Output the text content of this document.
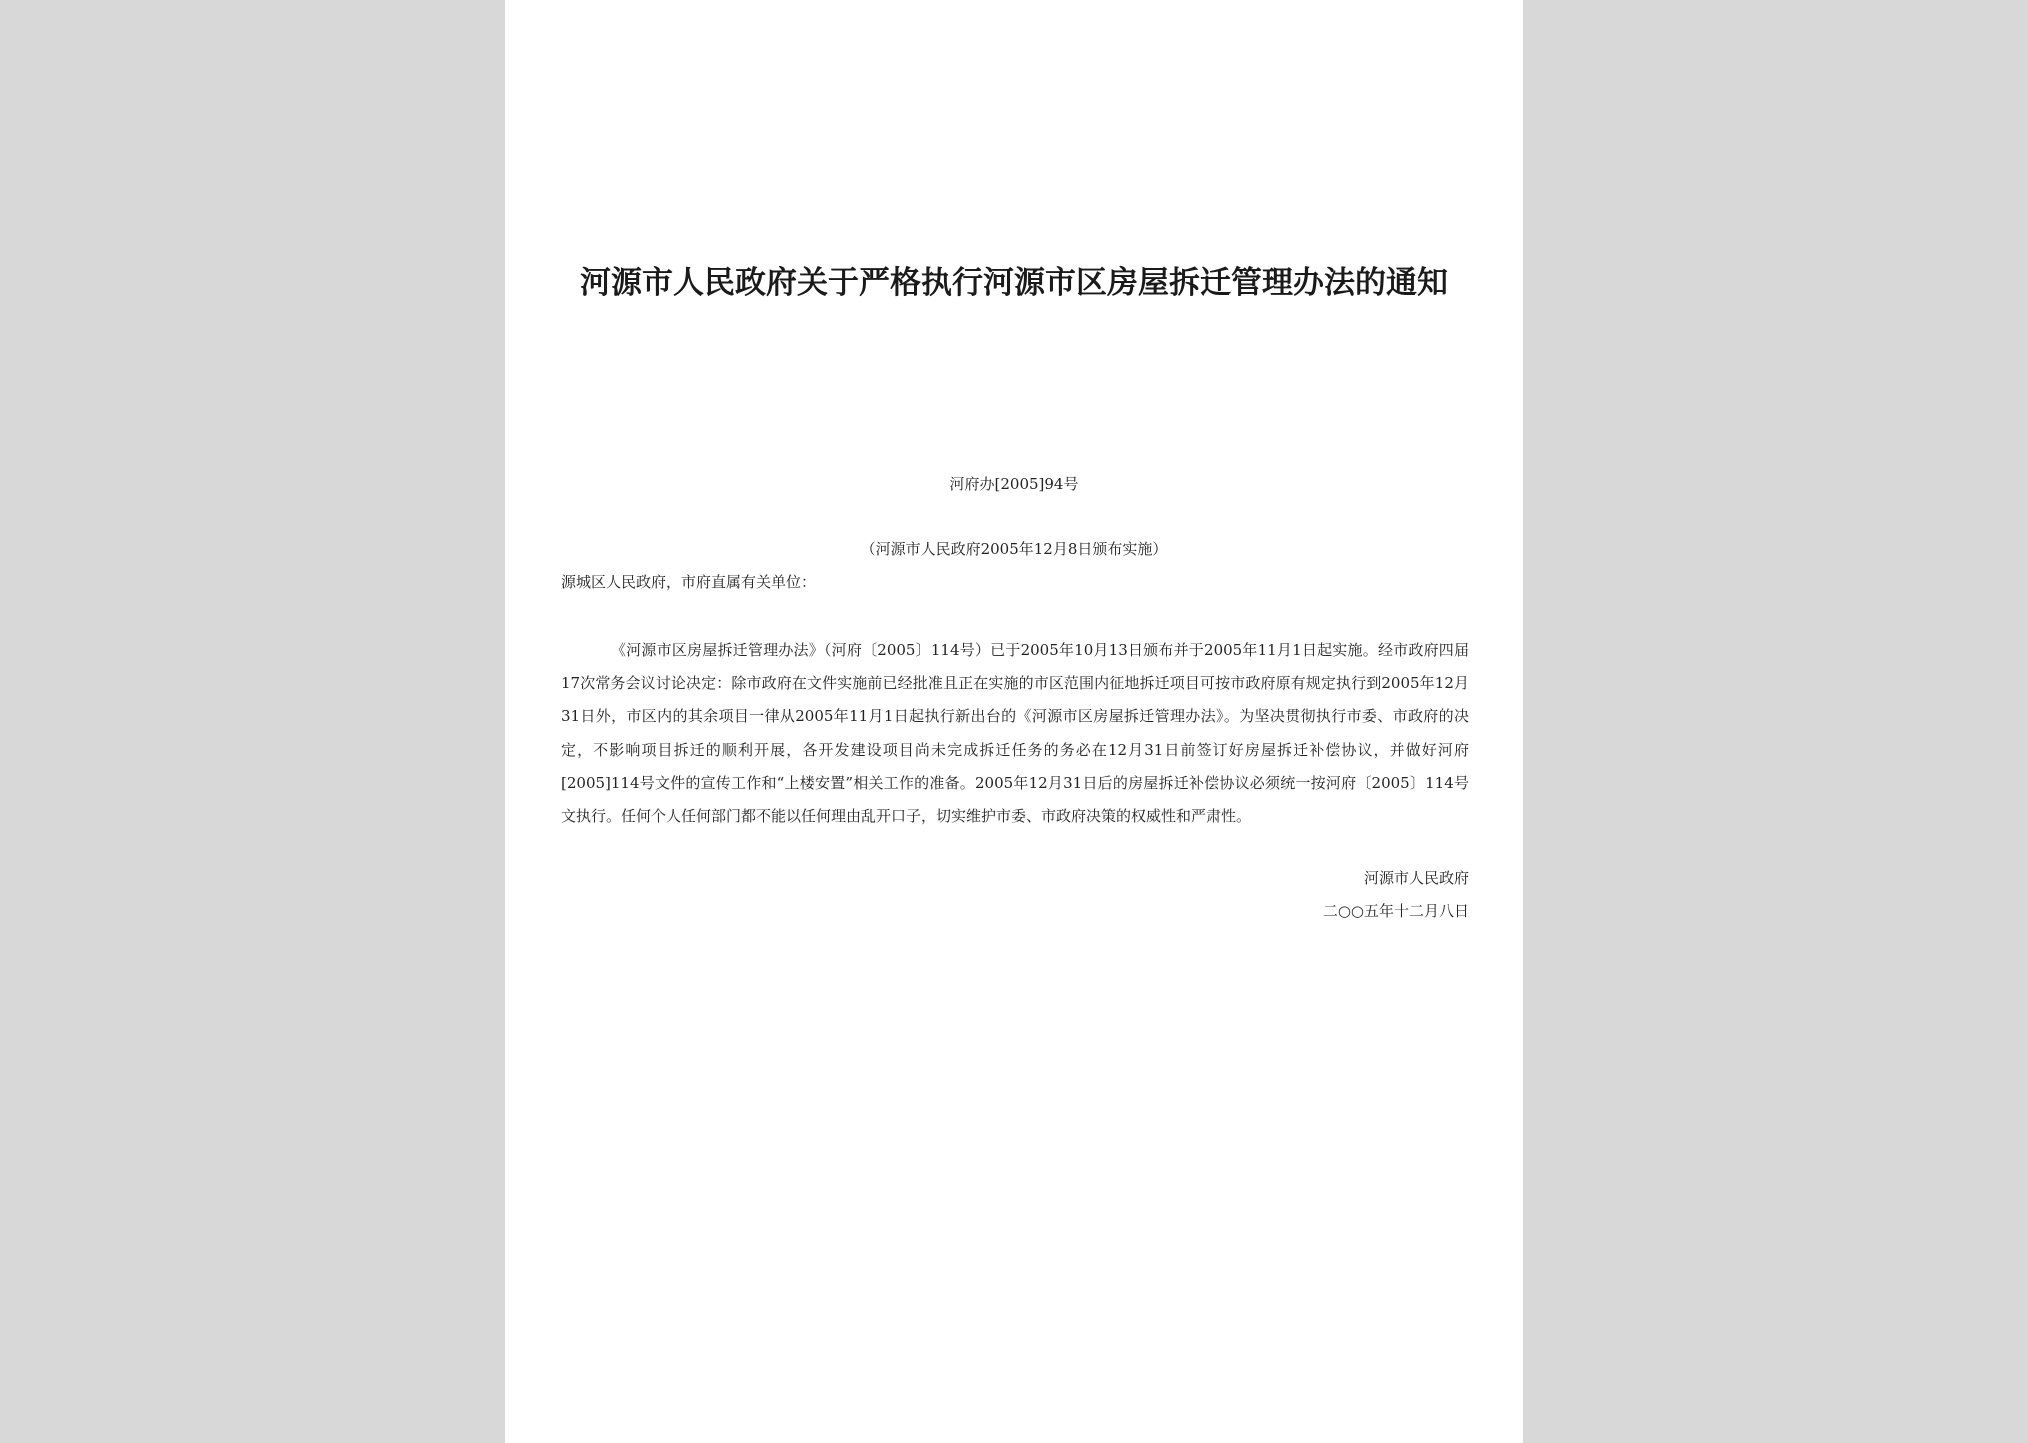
河源市人民政府关于严格执行河源市区房屋拆迁管理办法的通知
河府办[2005]94号
（河源市人民政府2005年12月8日颁布实施）
源城区人民政府，市府直属有关单位：

《河源市区房屋拆迁管理办法》（河府〔2005〕114号）已于2005年10月13日颁布并于2005年11月1日起实施。经市政府四届17次常务会议讨论决定：除市政府在文件实施前已经批准且正在实施的市区范围内征地拆迁项目可按市政府原有规定执行到2005年12月31日外，市区内的其余项目一律从2005年11月1日起执行新出台的《河源市区房屋拆迁管理办法》。为坚决贯彻执行市委、市政府的决定，不影响项目拆迁的顺利开展，各开发建设项目尚未完成拆迁任务的务必在12月31日前签订好房屋拆迁补偿协议，并做好河府[2005]114号文件的宣传工作和“上楼安置”相关工作的准备。2005年12月31日后的房屋拆迁补偿协议必须统一按河府〔2005〕114号文执行。任何个人任何部门都不能以任何理由乱开口子，切实维护市委、市政府决策的权威性和严肃性。

河源市人民政府
二○○五年十二月八日
